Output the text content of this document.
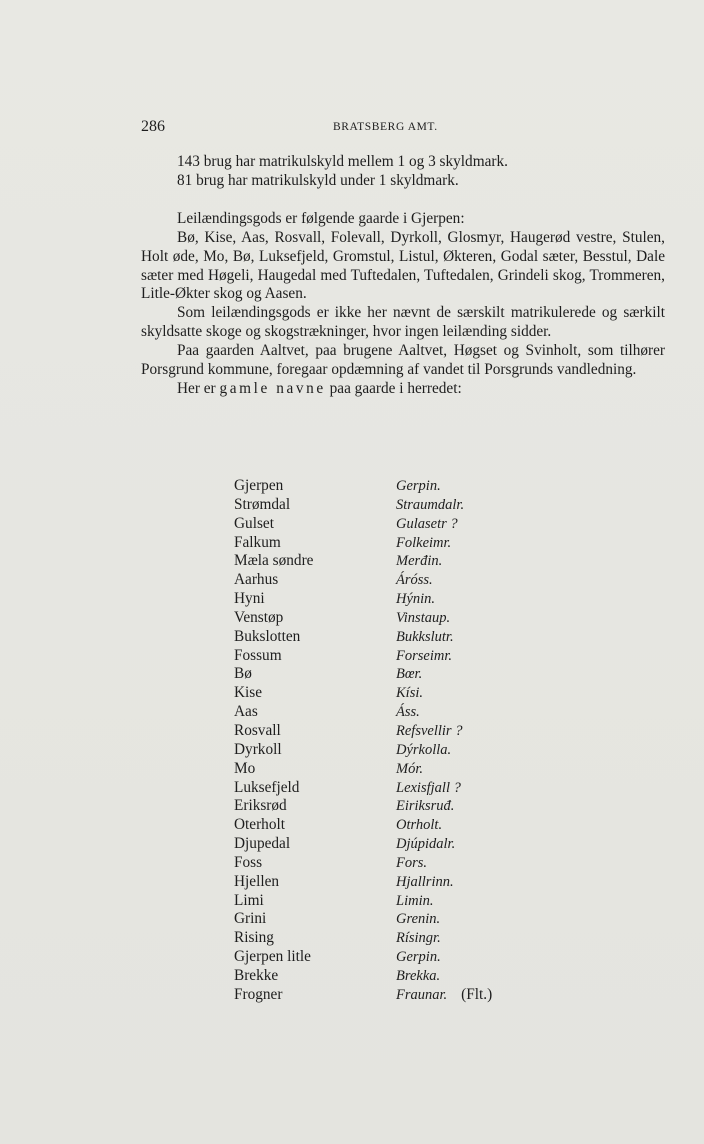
286	BRATSBERG AMT.

143 brug har matrikulskyld mellem 1 og 3 skyldmark.

81 brug har matrikulskyld under 1 skyldmark.

Leilændingsgods er følgende gaarde i Gjerpen:

Bø, Kise, Aas, Rosvall, Folevall, Dyrkoll, Glosmyr, Haugerød vestre, Stulen, Holt øde, Mo, Bø, Luksefjeld, Gromstul, Listul, Økteren, Godal sæter, Besstul, Dale sæter med Høgeli, Haugedal med Tuftedalen, Tuftedalen, Grindeli skog, Trommeren, Litle-Økter skog og Aasen.

Som leilændingsgods er ikke her nævnt de særskilt matrikulerede og særkilt skyldsatte skoge og skogstrækninger, hvor ingen leilænding sidder.

Paa gaarden Aaltvet, paa brugene Aaltvet, Høgset og Svinholt, som tilhører Porsgrund kommune, foregaar opdæmning af vandet til Porsgrunds vandledning.

Her er gamle navne paa gaarde i herredet:

Gjerpen	Gerpin.
Strømdal	Straumdalr.
Gulset	Gulasetr ?
Falkum	Folkeimr.
Mæla søndre	Merđin.
Aarhus	Áróss.
Hyni	Hýnin.
Venstøp	Vinstaup.
Bukslotten	Bukkslutr.
Fossum	Forseimr.
Bø	Bœr.
Kise	Kísi.
Aas	Áss.
Rosvall	Refsvellir ?
Dyrkoll	Dýrkolla.
Mo	Mór.
Luksefjeld	Lexisfjall ?
Eriksrød	Eiriksruđ.
Oterholt	Otrholt.
Djupedal	Djúpidalr.
Foss	Fors.
Hjellen	Hjallrinn.
Limi	Limin.
Grini	Grenin.
Rising	Rísingr.
Gjerpen litle	Gerpin.
Brekke	Brekka.
Frogner	Fraunar. (Flt.)
